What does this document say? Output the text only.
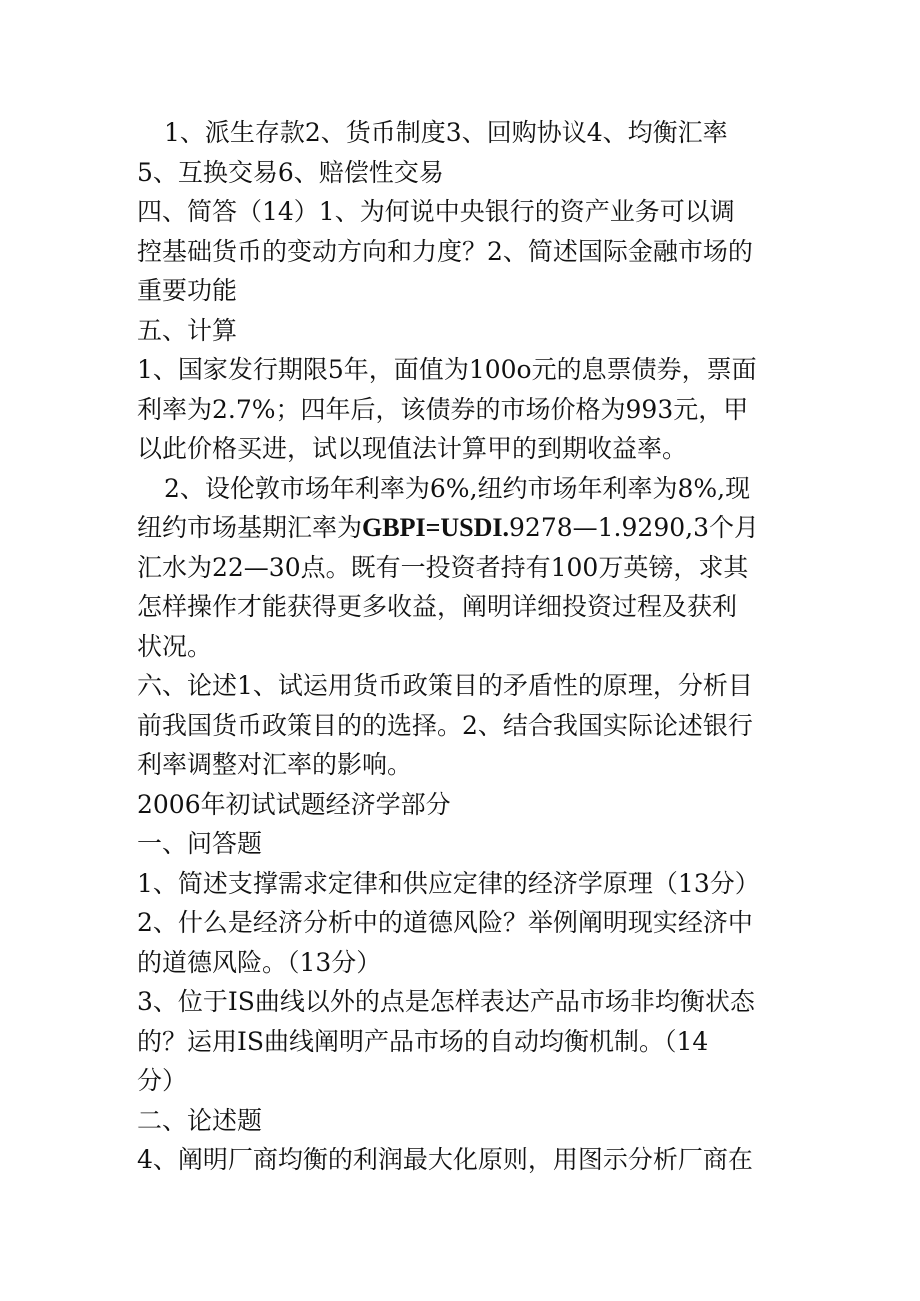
1、派生存款2、货币制度3、回购协议4、均衡汇率
5、互换交易6、赔偿性交易
四、简答（14）1、为何说中央银行的资产业务可以调
控基础货币的变动方向和力度？2、简述国际金融市场的
重要功能
五、计算
1、国家发行期限5年，面值为100o元的息票债券，票面
利率为2.7%；四年后，该债券的市场价格为993元，甲
以此价格买进，试以现值法计算甲的到期收益率。
2、设伦敦市场年利率为6%,纽约市场年利率为8%,现
纽约市场基期汇率为GBPI=USDI.9278—1.9290,3个月
汇水为22—30点。既有一投资者持有100万英镑，求其
怎样操作才能获得更多收益，阐明详细投资过程及获利
状况。
六、论述1、试运用货币政策目的矛盾性的原理，分析目
前我国货币政策目的的选择。2、结合我国实际论述银行
利率调整对汇率的影响。
2006年初试试题经济学部分
一、问答题
1、简述支撑需求定律和供应定律的经济学原理（13分）
2、什么是经济分析中的道德风险？举例阐明现实经济中
的道德风险。（13分）
3、位于IS曲线以外的点是怎样表达产品市场非均衡状态
的？运用IS曲线阐明产品市场的自动均衡机制。（14
分）
二、论述题
4、阐明厂商均衡的利润最大化原则，用图示分析厂商在
